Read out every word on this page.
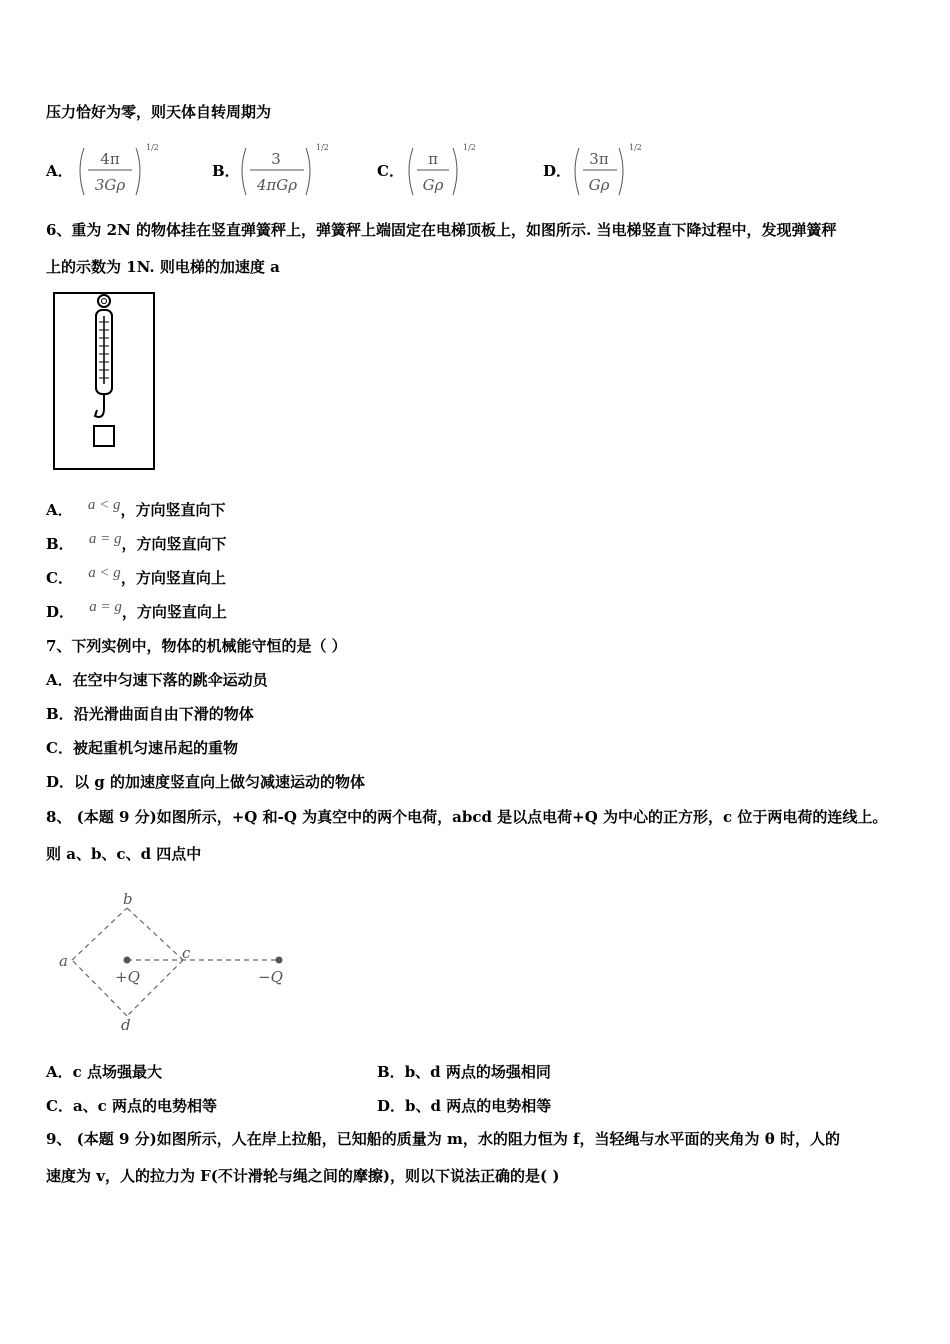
压力恰好为零，则天体自转周期为
A．
4π
3Gρ
1/2
B．
3
4πGρ
1/2
C．
π
Gρ
1/2
D．
3π
Gρ
1/2
6、重为 2N 的物体挂在竖直弹簧秤上，弹簧秤上端固定在电梯顶板上，如图所示. 当电梯竖直下降过程中，发现弹簧秤
上的示数为 1N. 则电梯的加速度 a
A． a < g，方向竖直向下
B． a = g，方向竖直向下
C． a < g，方向竖直向上
D． a = g，方向竖直向上
7、下列实例中，物体的机械能守恒的是（ ）
A．在空中匀速下落的跳伞运动员
B．沿光滑曲面自由下滑的物体
C．被起重机匀速吊起的重物
D．以 g 的加速度竖直向上做匀减速运动的物体
8、 (本题 9 分)如图所示，+Q 和-Q 为真空中的两个电荷，abcd 是以点电荷+Q 为中心的正方形，c 位于两电荷的连线上。
则 a、b、c、d 四点中
b
a	c
d
+Q	−Q
A．c 点场强最大	B．b、d 两点的场强相同
C．a、c 两点的电势相等	D．b、d 两点的电势相等
9、 (本题 9 分)如图所示，人在岸上拉船，已知船的质量为 m，水的阻力恒为 f，当轻绳与水平面的夹角为 θ 时，人的
速度为 v，人的拉力为 F(不计滑轮与绳之间的摩擦)，则以下说法正确的是( )
